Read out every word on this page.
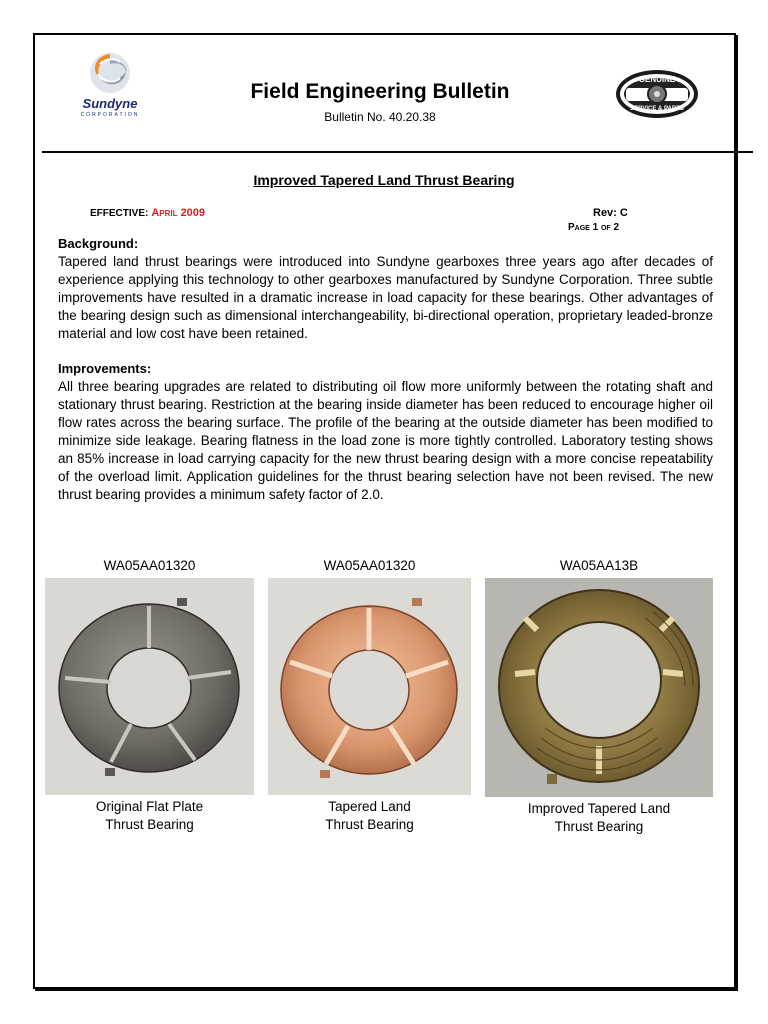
Sundyne
CORPORATION
Field Engineering Bulletin
Bulletin No. 40.20.38
GENUINE
SERVICE & PARTS
Improved Tapered Land Thrust Bearing
EFFECTIVE: April 2009	Rev: C
Page 1 of 2
Background:
Tapered land thrust bearings were introduced into Sundyne gearboxes three years ago after decades of experience applying this technology to other gearboxes manufactured by Sundyne Corporation. Three subtle improvements have resulted in a dramatic increase in load capacity for these bearings. Other advantages of the bearing design such as dimensional interchangeability, bi-directional operation, proprietary leaded-bronze material and low cost have been retained.
Improvements:
All three bearing upgrades are related to distributing oil flow more uniformly between the rotating shaft and stationary thrust bearing. Restriction at the bearing inside diameter has been reduced to encourage higher oil flow rates across the bearing surface. The profile of the bearing at the outside diameter has been modified to minimize side leakage. Bearing flatness in the load zone is more tightly controlled. Laboratory testing shows an 85% increase in load carrying capacity for the new thrust bearing design with a more concise repeatability of the overload limit. Application guidelines for the thrust bearing selection have not been revised. The new thrust bearing provides a minimum safety factor of 2.0.
WA05AA01320
Original Flat Plate
Thrust Bearing
WA05AA01320
Tapered Land
Thrust Bearing
WA05AA13B
Improved Tapered Land
Thrust Bearing
